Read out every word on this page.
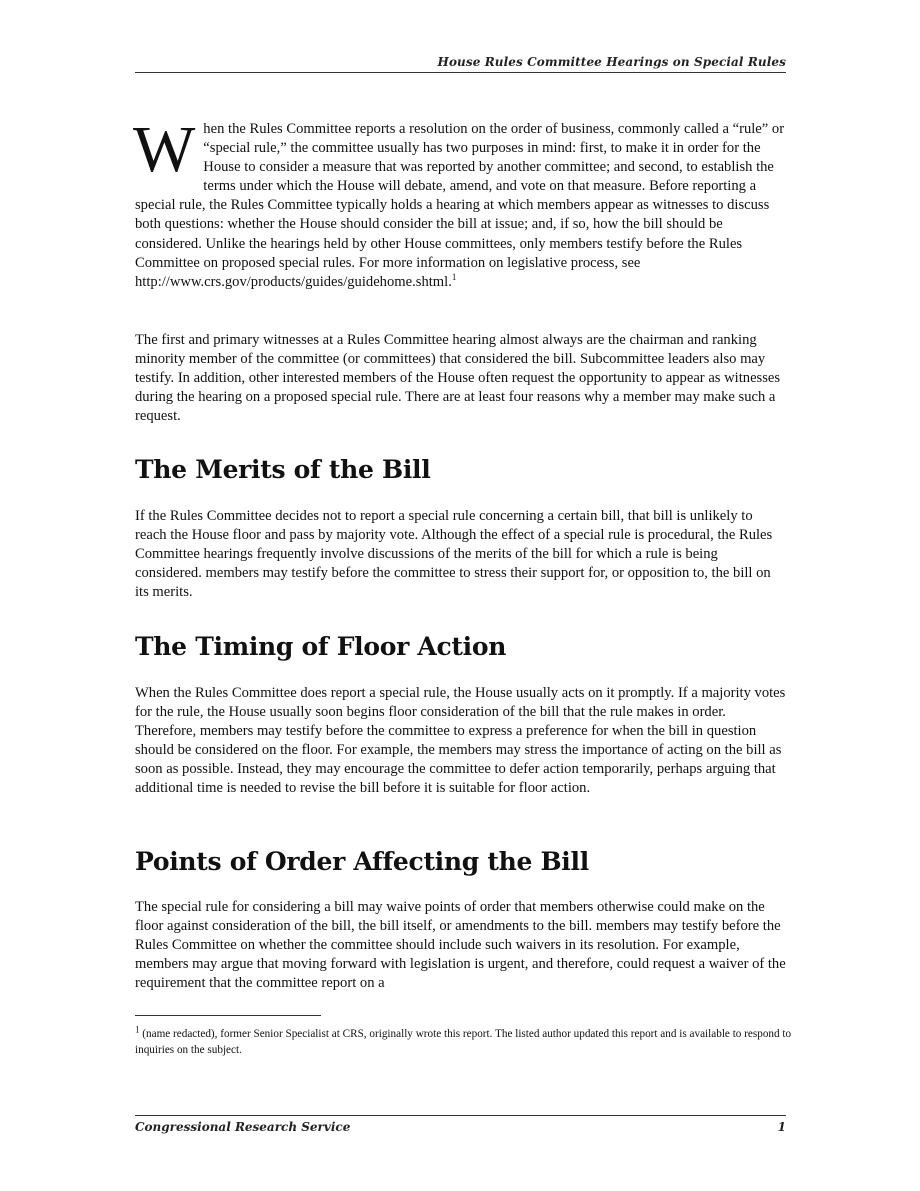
House Rules Committee Hearings on Special Rules
W hen the Rules Committee reports a resolution on the order of business, commonly called a “rule” or “special rule,” the committee usually has two purposes in mind: first, to make it in order for the House to consider a measure that was reported by another committee; and second, to establish the terms under which the House will debate, amend, and vote on that measure. Before reporting a special rule, the Rules Committee typically holds a hearing at which members appear as witnesses to discuss both questions: whether the House should consider the bill at issue; and, if so, how the bill should be considered. Unlike the hearings held by other House committees, only members testify before the Rules Committee on proposed special rules. For more information on legislative process, see http://www.crs.gov/products/guides/guidehome.shtml.$^1$

The first and primary witnesses at a Rules Committee hearing almost always are the chairman and ranking minority member of the committee (or committees) that considered the bill. Subcommittee leaders also may testify. In addition, other interested members of the House often request the opportunity to appear as witnesses during the hearing on a proposed special rule. There are at least four reasons why a member may make such a request.

The Merits of the Bill

If the Rules Committee decides not to report a special rule concerning a certain bill, that bill is unlikely to reach the House floor and pass by majority vote. Although the effect of a special rule is procedural, the Rules Committee hearings frequently involve discussions of the merits of the bill for which a rule is being considered. members may testify before the committee to stress their support for, or opposition to, the bill on its merits.

The Timing of Floor Action

When the Rules Committee does report a special rule, the House usually acts on it promptly. If a majority votes for the rule, the House usually soon begins floor consideration of the bill that the rule makes in order. Therefore, members may testify before the committee to express a preference for when the bill in question should be considered on the floor. For example, the members may stress the importance of acting on the bill as soon as possible. Instead, they may encourage the committee to defer action temporarily, perhaps arguing that additional time is needed to revise the bill before it is suitable for floor action.

Points of Order Affecting the Bill

The special rule for considering a bill may waive points of order that members otherwise could make on the floor against consideration of the bill, the bill itself, or amendments to the bill. members may testify before the Rules Committee on whether the committee should include such waivers in its resolution. For example, members may argue that moving forward with legislation is urgent, and therefore, could request a waiver of the requirement that the committee report on a

$^1$ (name redacted), former Senior Specialist at CRS, originally wrote this report. The listed author updated this report and is available to respond to inquiries on the subject.

Congressional Research Service	1
